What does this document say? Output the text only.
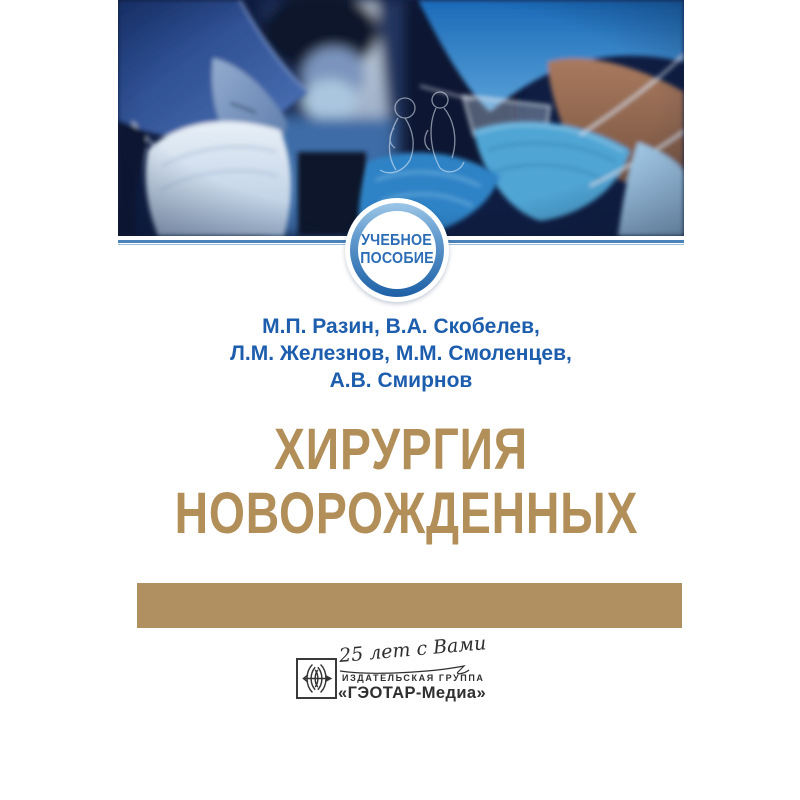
УЧЕБНОЕ
ПОСОБИЕ
М.П. Разин, В.А. Скобелев,
Л.М. Железнов, М.М. Смоленцев,
А.В. Смирнов
ХИРУРГИЯ
НОВОРОЖДЕННЫХ
25 лет с Вами
ИЗДАТЕЛЬСКАЯ ГРУППА
«ГЭОТАР-Медиа»
